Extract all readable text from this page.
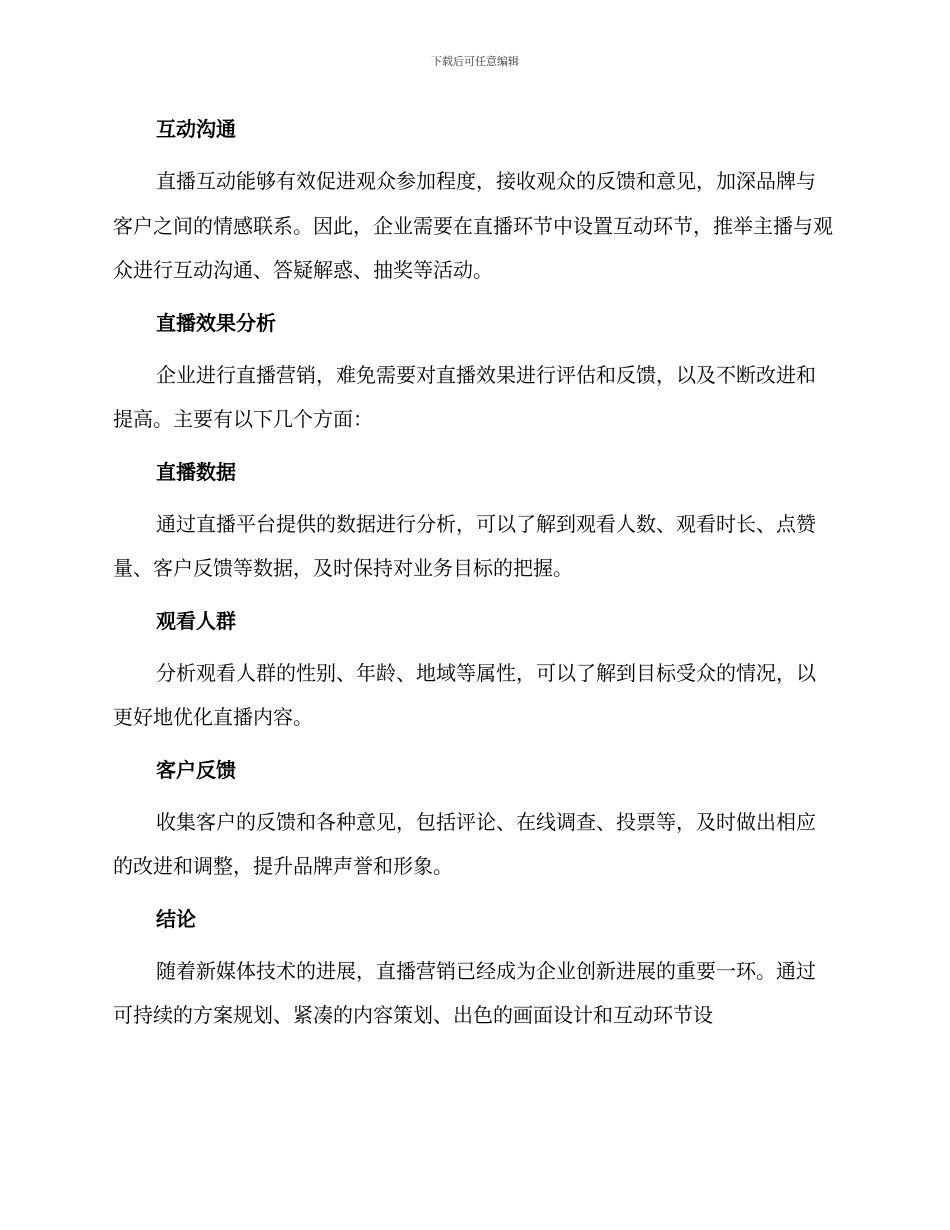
下载后可任意编辑
互动沟通

直播互动能够有效促进观众参加程度，接收观众的反馈和意见，加深品牌与客户之间的情感联系。因此，企业需要在直播环节中设置互动环节，推举主播与观众进行互动沟通、答疑解惑、抽奖等活动。

直播效果分析

企业进行直播营销，难免需要对直播效果进行评估和反馈，以及不断改进和提高。主要有以下几个方面：

直播数据

通过直播平台提供的数据进行分析，可以了解到观看人数、观看时长、点赞量、客户反馈等数据，及时保持对业务目标的把握。

观看人群

分析观看人群的性别、年龄、地域等属性，可以了解到目标受众的情况，以更好地优化直播内容。

客户反馈

收集客户的反馈和各种意见，包括评论、在线调查、投票等，及时做出相应的改进和调整，提升品牌声誉和形象。

结论

随着新媒体技术的进展，直播营销已经成为企业创新进展的重要一环。通过可持续的方案规划、紧凑的内容策划、出色的画面设计和互动环节设
